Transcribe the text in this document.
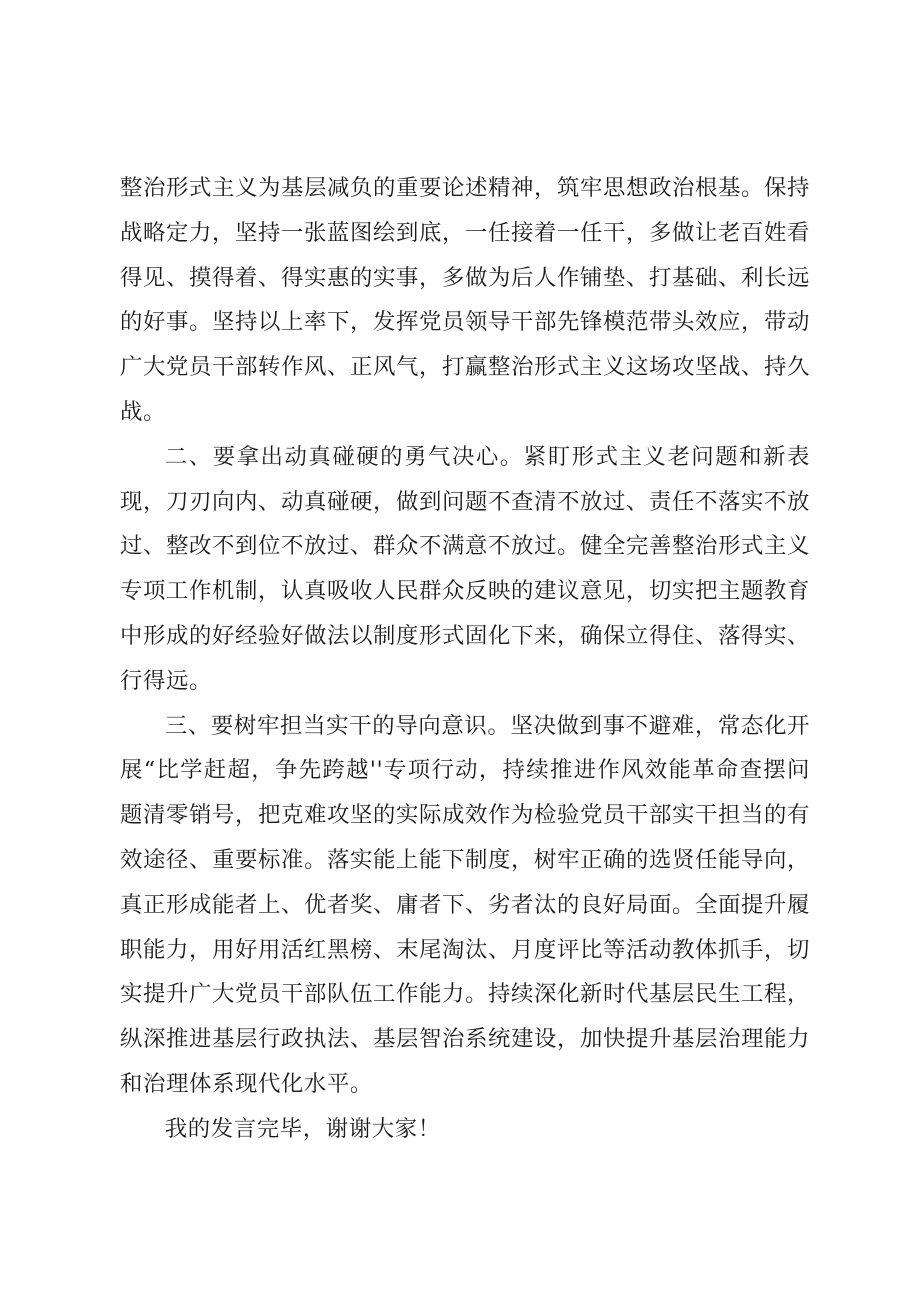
整治形式主义为基层减负的重要论述精神，筑牢思想政治根基。保持战略定力，坚持一张蓝图绘到底，一任接着一任干，多做让老百姓看得见、摸得着、得实惠的实事，多做为后人作铺垫、打基础、利长远的好事。坚持以上率下，发挥党员领导干部先锋模范带头效应，带动广大党员干部转作风、正风气，打赢整治形式主义这场攻坚战、持久战。

二、要拿出动真碰硬的勇气决心。紧盯形式主义老问题和新表现，刀刃向内、动真碰硬，做到问题不查清不放过、责任不落实不放过、整改不到位不放过、群众不满意不放过。健全完善整治形式主义专项工作机制，认真吸收人民群众反映的建议意见，切实把主题教育中形成的好经验好做法以制度形式固化下来，确保立得住、落得实、行得远。

三、要树牢担当实干的导向意识。坚决做到事不避难，常态化开展“比学赶超，争先跨越''专项行动，持续推进作风效能革命查摆问题清零销号，把克难攻坚的实际成效作为检验党员干部实干担当的有效途径、重要标准。落实能上能下制度，树牢正确的选贤任能导向，真正形成能者上、优者奖、庸者下、劣者汰的良好局面。全面提升履职能力，用好用活红黑榜、末尾淘汰、月度评比等活动教体抓手，切实提升广大党员干部队伍工作能力。持续深化新时代基层民生工程，纵深推进基层行政执法、基层智治系统建设，加快提升基层治理能力和治理体系现代化水平。

我的发言完毕，谢谢大家！
